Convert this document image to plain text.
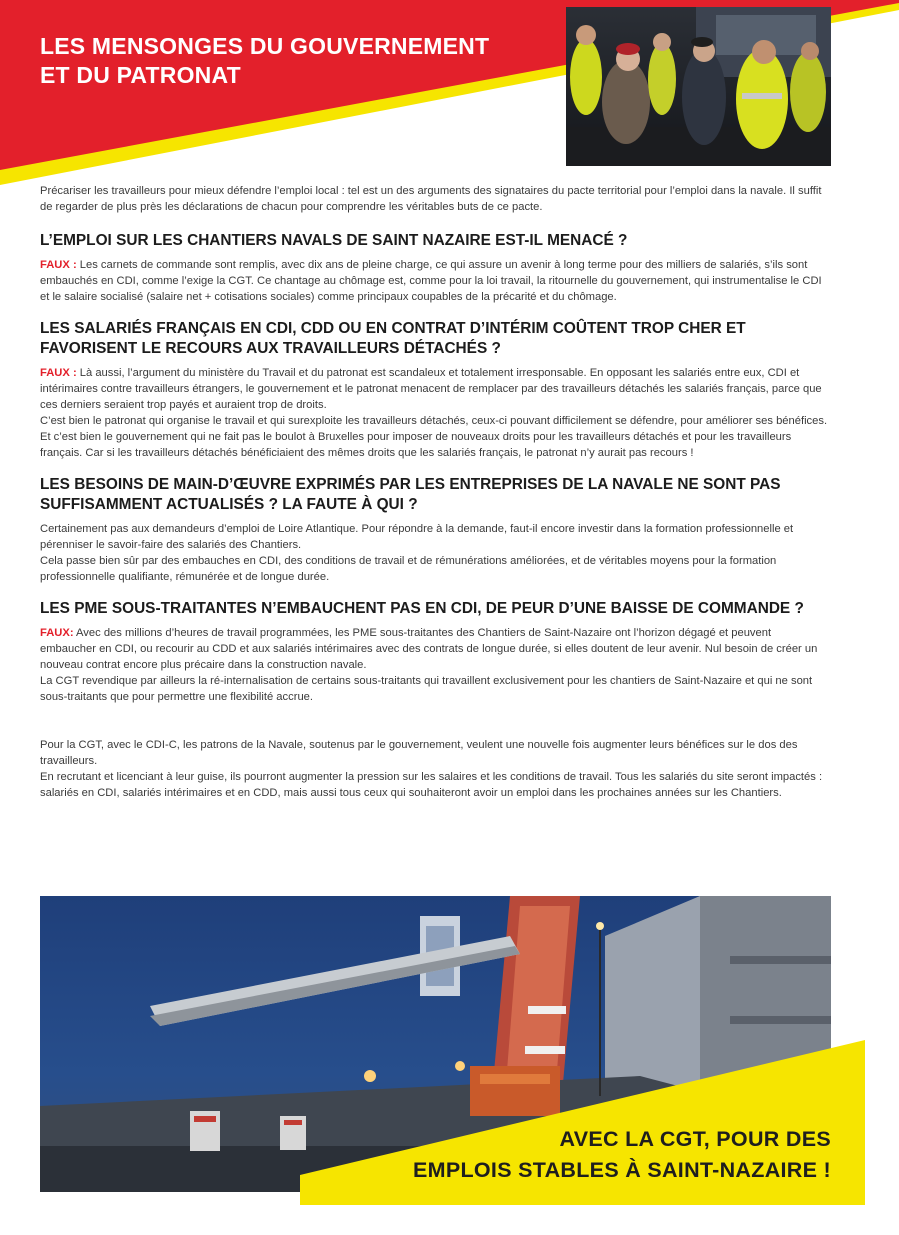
LES MENSONGES DU GOUVERNEMENT
ET DU PATRONAT

Précariser les travailleurs pour mieux défendre l’emploi local : tel est un des arguments des signataires du pacte territorial pour l’emploi dans la navale. Il suffit de regarder de plus près les déclarations de chacun pour comprendre les véritables buts de ce pacte.

L’EMPLOI SUR LES CHANTIERS NAVALS DE SAINT NAZAIRE EST-IL MENACÉ ?

FAUX : Les carnets de commande sont remplis, avec dix ans de pleine charge, ce qui assure un avenir à long terme pour des milliers de salariés, s’ils sont embauchés en CDI, comme l’exige la CGT. Ce chantage au chômage est, comme pour la loi travail, la ritournelle du gouvernement, qui instrumentalise le CDI et le salaire socialisé (salaire net + cotisations sociales) comme principaux coupables de la précarité et du chômage.

LES SALARIÉS FRANÇAIS EN CDI, CDD OU EN CONTRAT D’INTÉRIM COÛTENT TROP CHER ET FAVORISENT LE RECOURS AUX TRAVAILLEURS DÉTACHÉS ?

FAUX : Là aussi, l’argument du ministère du Travail et du patronat est scandaleux et totalement irresponsable. En opposant les salariés entre eux, CDI et intérimaires contre travailleurs étrangers, le gouvernement et le patronat menacent de remplacer par des travailleurs détachés les salariés français, parce que ces derniers seraient trop payés et auraient trop de droits.

C’est bien le patronat qui organise le travail et qui surexploite les travailleurs détachés, ceux-ci pouvant difficilement se défendre, pour améliorer ses bénéfices. Et c’est bien le gouvernement qui ne fait pas le boulot à Bruxelles pour imposer de nouveaux droits pour les travailleurs détachés et pour les travailleurs français. Car si les travailleurs détachés bénéficiaient des mêmes droits que les salariés français, le patronat n’y aurait pas recours !

LES BESOINS DE MAIN-D’ŒUVRE EXPRIMÉS PAR LES ENTREPRISES DE LA NAVALE NE SONT PAS SUFFISAMMENT ACTUALISÉS ? LA FAUTE À QUI ?

Certainement pas aux demandeurs d’emploi de Loire Atlantique. Pour répondre à la demande, faut-il encore investir dans la formation professionnelle et pérenniser le savoir-faire des salariés des Chantiers.

Cela passe bien sûr par des embauches en CDI, des conditions de travail et de rémunérations améliorées, et de véritables moyens pour la formation professionnelle qualifiante, rémunérée et de longue durée.

LES PME SOUS-TRAITANTES N’EMBAUCHENT PAS EN CDI, DE PEUR D’UNE BAISSE DE COMMANDE ?

FAUX: Avec des millions d’heures de travail programmées, les PME sous-traitantes des Chantiers de Saint-Nazaire ont l’horizon dégagé et peuvent embaucher en CDI, ou recourir au CDD et aux salariés intérimaires avec des contrats de longue durée, si elles doutent de leur avenir. Nul besoin de créer un nouveau contrat encore plus précaire dans la construction navale.

La CGT revendique par ailleurs la ré-internalisation de certains sous-traitants qui travaillent exclusivement pour les chantiers de Saint-Nazaire et qui ne sont sous-traitants que pour permettre une flexibilité accrue.

Pour la CGT, avec le CDI-C, les patrons de la Navale, soutenus par le gouvernement, veulent une nouvelle fois augmenter leurs bénéfices sur le dos des travailleurs.

En recrutant et licenciant à leur guise, ils pourront augmenter la pression sur les salaires et les conditions de travail. Tous les salariés du site seront impactés : salariés en CDI, salariés intérimaires et en CDD, mais aussi tous ceux qui souhaiteront avoir un emploi dans les prochaines années sur les Chantiers.

AVEC LA CGT, POUR DES
EMPLOIS STABLES À SAINT-NAZAIRE !
